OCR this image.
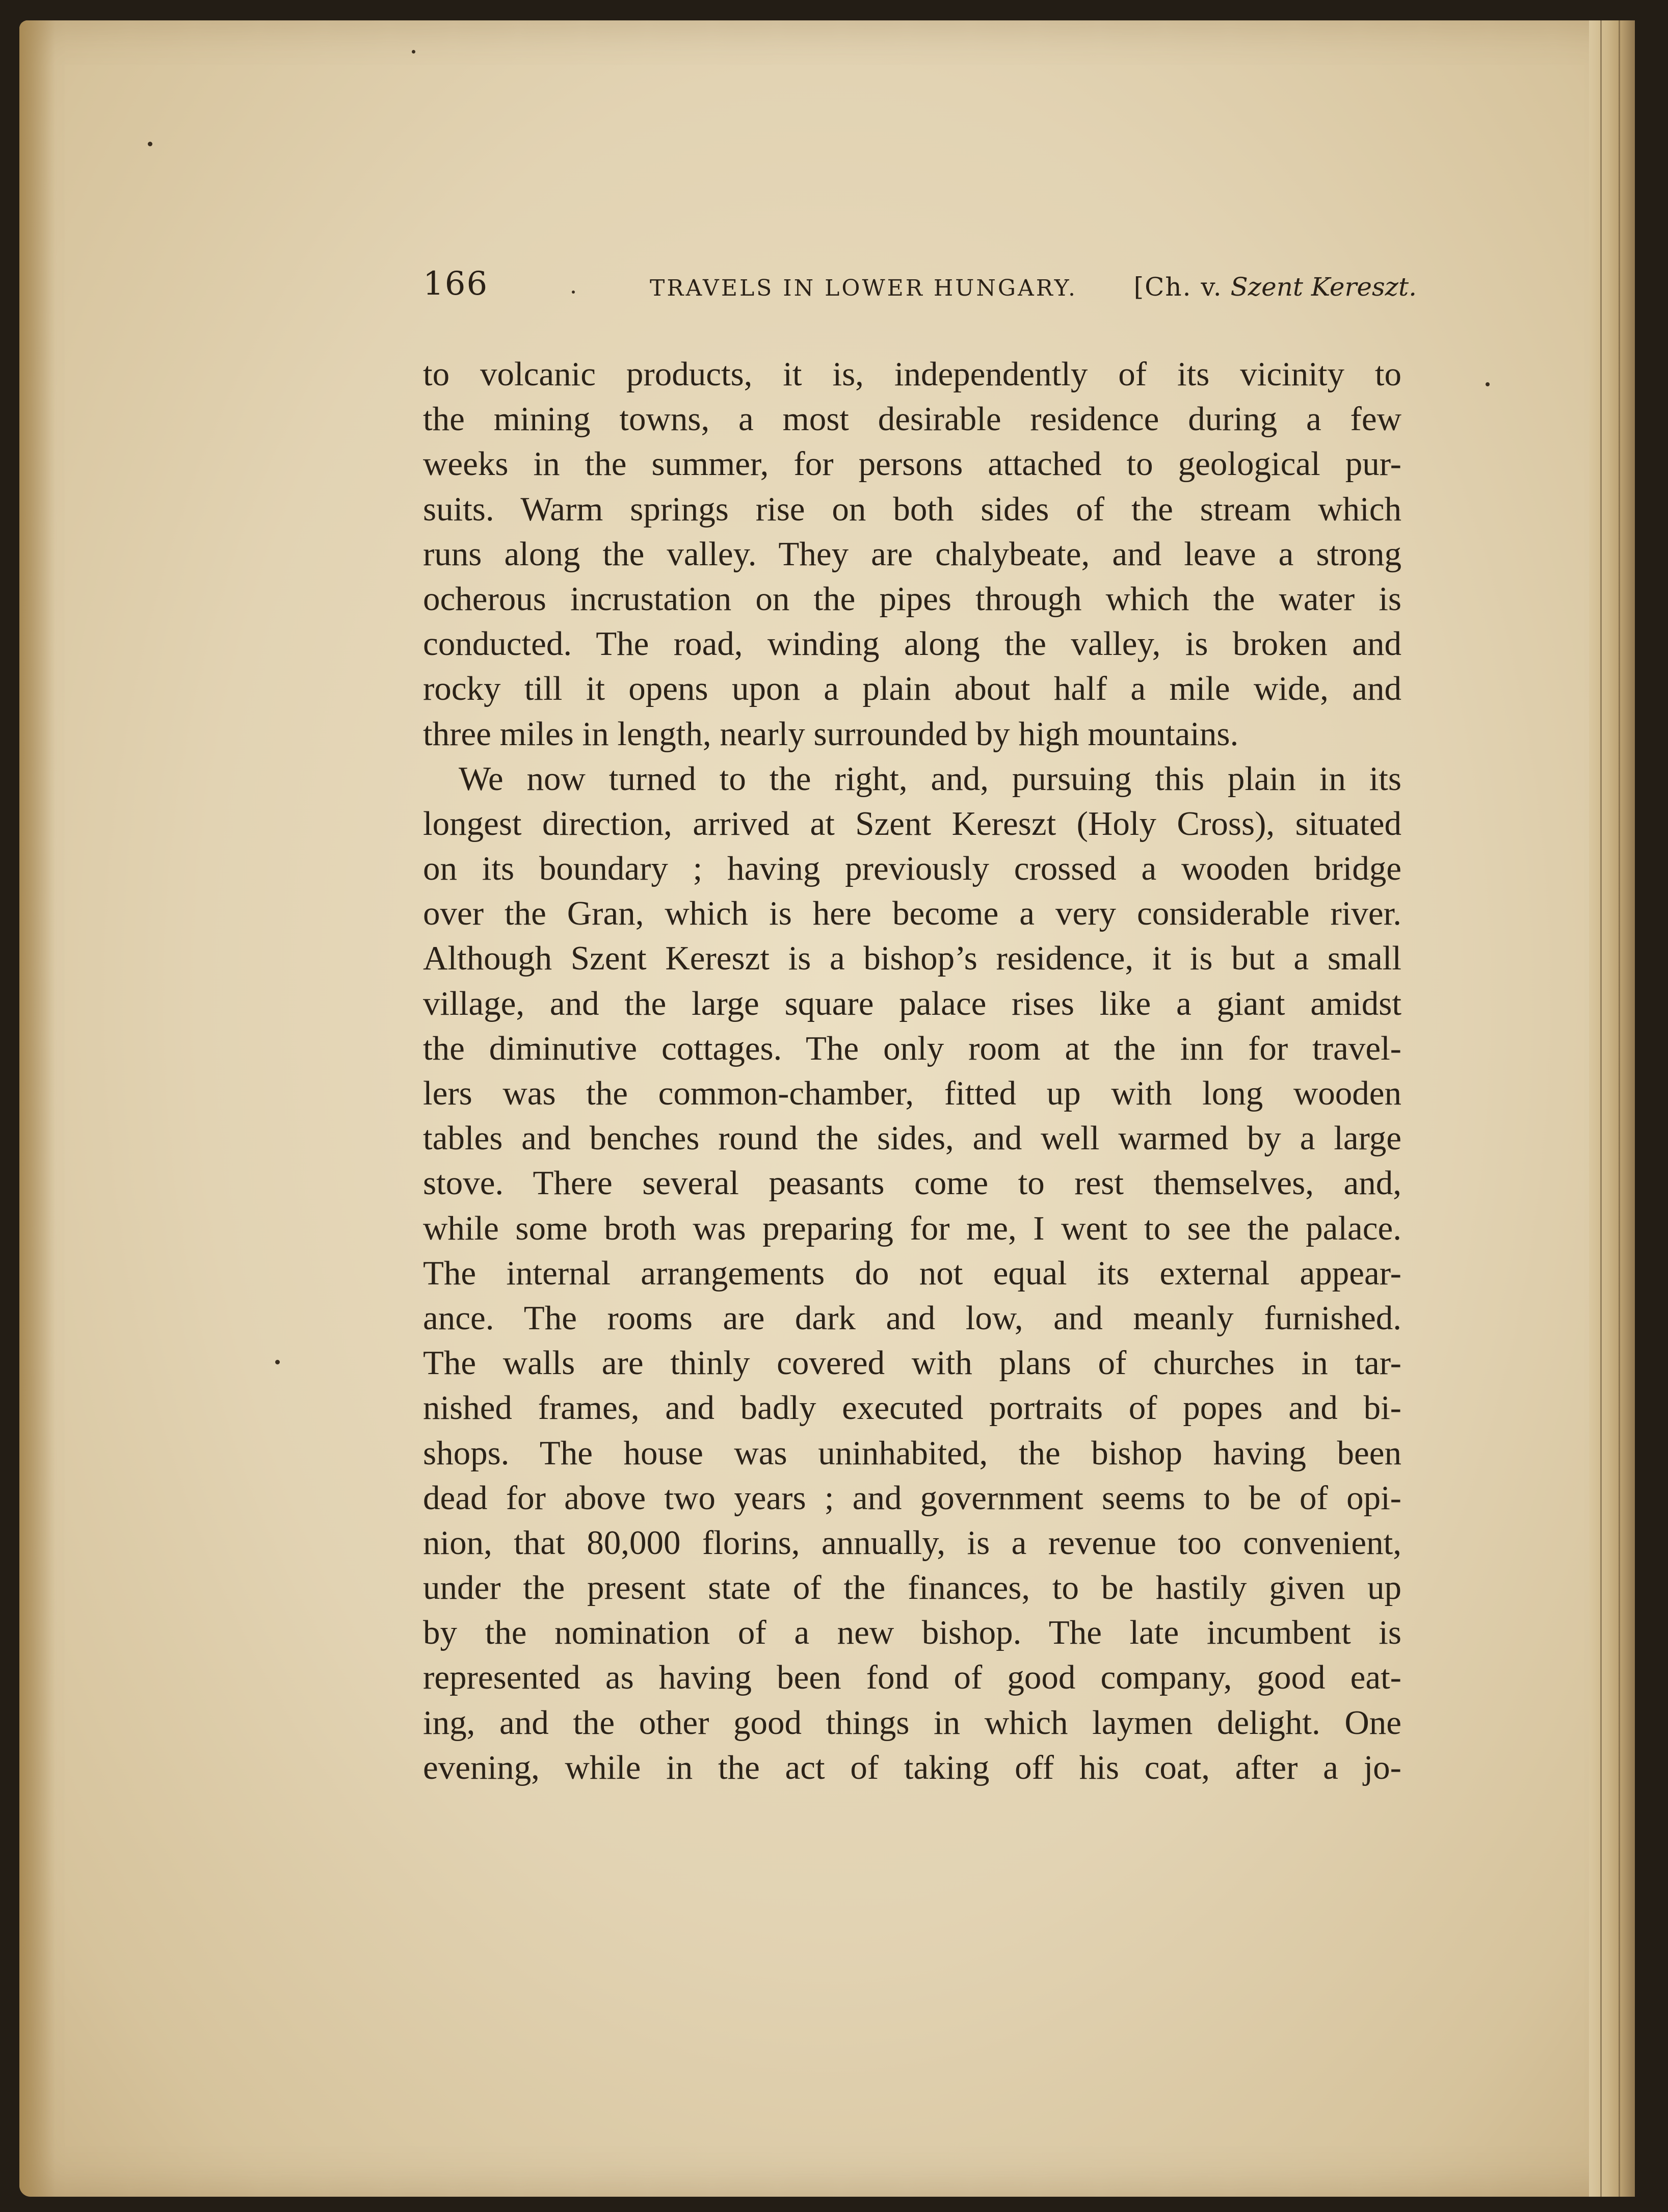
166	TRAVELS IN LOWER HUNGARY. [Ch. v. Szent Kereszt.
to volcanic products, it is, independently of its vicinity to
the mining towns, a most desirable residence during a few
weeks in the summer, for persons attached to geological pur-
suits. Warm springs rise on both sides of the stream which
runs along the valley. They are chalybeate, and leave a strong
ocherous incrustation on the pipes through which the water is
conducted. The road, winding along the valley, is broken and
rocky till it opens upon a plain about half a mile wide, and
three miles in length, nearly surrounded by high mountains.
We now turned to the right, and, pursuing this plain in its
longest direction, arrived at Szent Kereszt (Holy Cross), situated
on its boundary ; having previously crossed a wooden bridge
over the Gran, which is here become a very considerable river.
Although Szent Kereszt is a bishop’s residence, it is but a small
village, and the large square palace rises like a giant amidst
the diminutive cottages. The only room at the inn for travel-
lers was the common-chamber, fitted up with long wooden
tables and benches round the sides, and well warmed by a large
stove. There several peasants come to rest themselves, and,
while some broth was preparing for me, I went to see the palace.
The internal arrangements do not equal its external appear-
ance. The rooms are dark and low, and meanly furnished.
The walls are thinly covered with plans of churches in tar-
nished frames, and badly executed portraits of popes and bi-
shops. The house was uninhabited, the bishop having been
dead for above two years ; and government seems to be of opi-
nion, that 80,000 florins, annually, is a revenue too convenient,
under the present state of the finances, to be hastily given up
by the nomination of a new bishop. The late incumbent is
represented as having been fond of good company, good eat-
ing, and the other good things in which laymen delight. One
evening, while in the act of taking off his coat, after a jo-
